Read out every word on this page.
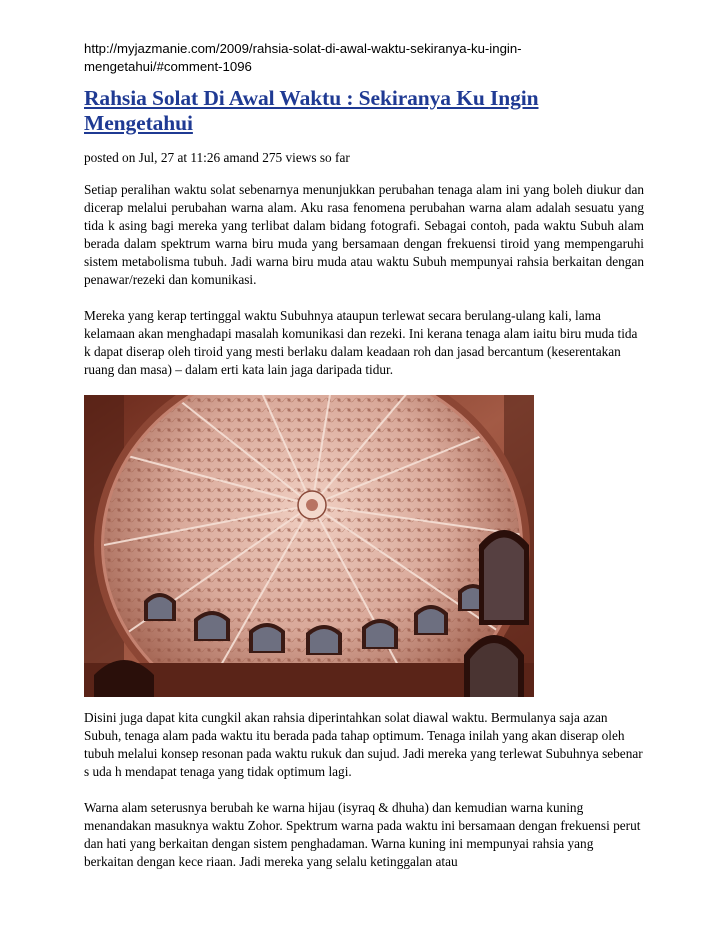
http://myjazmanie.com/2009/rahsia-solat-di-awal-waktu-sekiranya-ku-ingin-
mengetahui/#comment-1096
Rahsia Solat Di Awal Waktu : Sekiranya Ku Ingin
Mengetahui

posted on Jul, 27 at 11:26 amand 275 views so far

Setiap peralihan waktu solat sebenarnya menunjukkan perubahan tenaga alam ini yang boleh diukur dan dicerap melalui perubahan warna alam. Aku rasa fenomena perubahan warna alam adalah sesuatu yang tida k asing bagi mereka yang terlibat dalam bidang fotografi. Sebagai contoh, pada waktu Subuh alam berada dalam spektrum warna biru muda yang bersamaan dengan frekuensi tiroid yang mempengaruhi sistem metabolisma tubuh. Jadi warna biru muda atau waktu Subuh mempunyai rahsia berkaitan dengan penawar/rezeki dan komunikasi.

Mereka yang kerap tertinggal waktu Subuhnya ataupun terlewat secara berulang-ulang kali, lama kelamaan akan menghadapi masalah komunikasi dan rezeki. Ini kerana tenaga alam iaitu biru muda tida k dapat diserap oleh tiroid yang mesti berlaku dalam keadaan roh dan jasad bercantum (keserentakan ruang dan masa) – dalam erti kata lain jaga daripada tidur.

Disini juga dapat kita cungkil akan rahsia diperintahkan solat diawal waktu. Bermulanya saja azan Subuh, tenaga alam pada waktu itu berada pada tahap optimum. Tenaga inilah yang akan diserap oleh tubuh melalui konsep resonan pada waktu rukuk dan sujud. Jadi mereka yang terlewat Subuhnya sebenar s uda h mendapat tenaga yang tidak optimum lagi.

Warna alam seterusnya berubah ke warna hijau (isyraq & dhuha) dan kemudian warna kuning menandakan masuknya waktu Zohor. Spektrum warna pada waktu ini bersamaan dengan frekuensi perut dan hati yang berkaitan dengan sistem penghadaman. Warna kuning ini mempunyai rahsia yang berkaitan dengan kece riaan. Jadi mereka yang selalu ketinggalan atau
